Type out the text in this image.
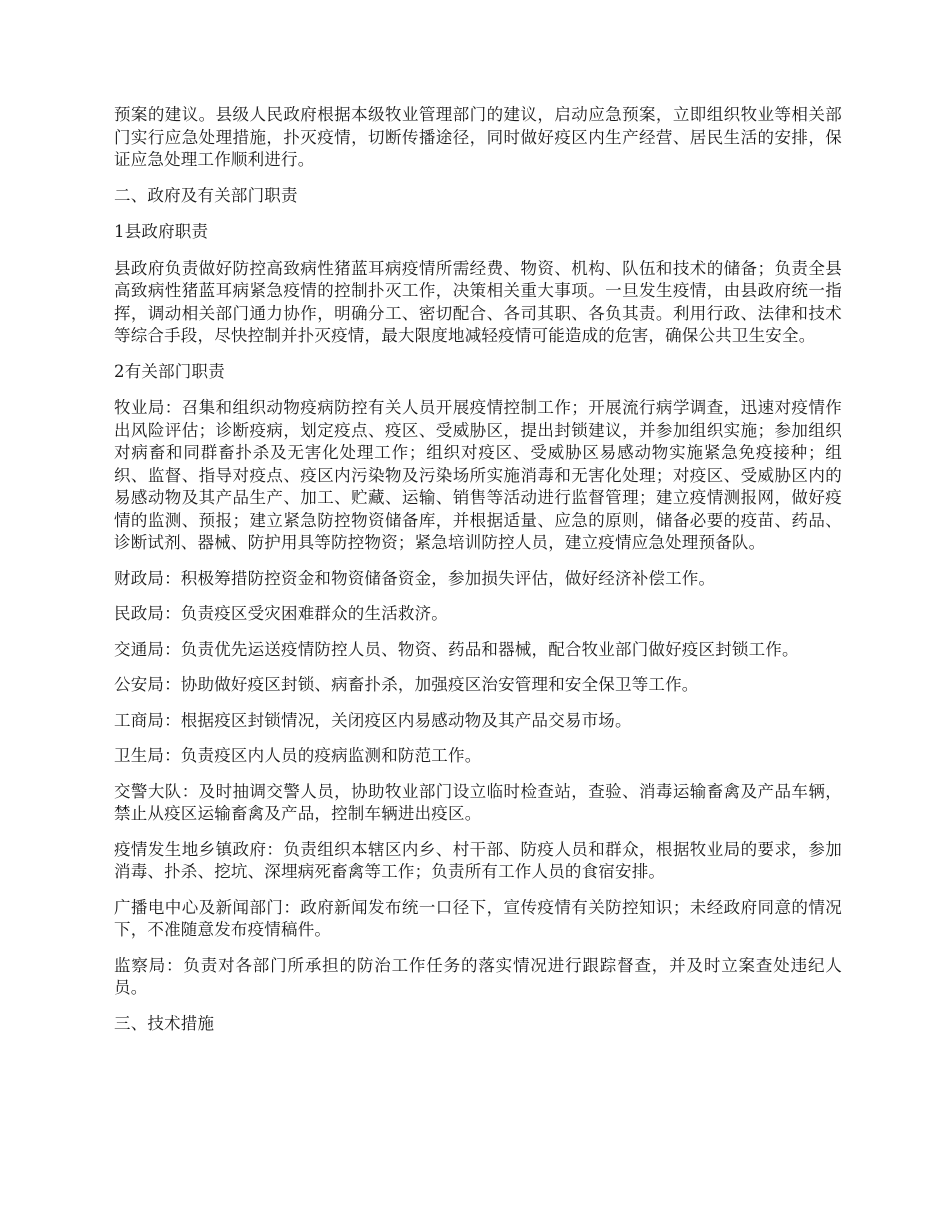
预案的建议。县级人民政府根据本级牧业管理部门的建议，启动应急预案，立即组织牧业等相关部门实行应急处理措施，扑灭疫情，切断传播途径，同时做好疫区内生产经营、居民生活的安排，保证应急处理工作顺利进行。

二、政府及有关部门职责

1县政府职责

县政府负责做好防控高致病性猪蓝耳病疫情所需经费、物资、机构、队伍和技术的储备；负责全县高致病性猪蓝耳病紧急疫情的控制扑灭工作，决策相关重大事项。一旦发生疫情，由县政府统一指挥，调动相关部门通力协作，明确分工、密切配合、各司其职、各负其责。利用行政、法律和技术等综合手段，尽快控制并扑灭疫情，最大限度地减轻疫情可能造成的危害，确保公共卫生安全。

2有关部门职责

牧业局：召集和组织动物疫病防控有关人员开展疫情控制工作；开展流行病学调查，迅速对疫情作出风险评估；诊断疫病，划定疫点、疫区、受威胁区，提出封锁建议，并参加组织实施；参加组织对病畜和同群畜扑杀及无害化处理工作；组织对疫区、受威胁区易感动物实施紧急免疫接种；组织、监督、指导对疫点、疫区内污染物及污染场所实施消毒和无害化处理；对疫区、受威胁区内的易感动物及其产品生产、加工、贮藏、运输、销售等活动进行监督管理；建立疫情测报网，做好疫情的监测、预报；建立紧急防控物资储备库，并根据适量、应急的原则，储备必要的疫苗、药品、诊断试剂、器械、防护用具等防控物资；紧急培训防控人员，建立疫情应急处理预备队。

财政局：积极筹措防控资金和物资储备资金，参加损失评估，做好经济补偿工作。

民政局：负责疫区受灾困难群众的生活救济。

交通局：负责优先运送疫情防控人员、物资、药品和器械，配合牧业部门做好疫区封锁工作。

公安局：协助做好疫区封锁、病畜扑杀，加强疫区治安管理和安全保卫等工作。

工商局：根据疫区封锁情况，关闭疫区内易感动物及其产品交易市场。

卫生局：负责疫区内人员的疫病监测和防范工作。

交警大队：及时抽调交警人员，协助牧业部门设立临时检查站，查验、消毒运输畜禽及产品车辆，禁止从疫区运输畜禽及产品，控制车辆进出疫区。

疫情发生地乡镇政府：负责组织本辖区内乡、村干部、防疫人员和群众，根据牧业局的要求，参加消毒、扑杀、挖坑、深埋病死畜禽等工作；负责所有工作人员的食宿安排。

广播电中心及新闻部门：政府新闻发布统一口径下，宣传疫情有关防控知识；未经政府同意的情况下，不准随意发布疫情稿件。

监察局：负责对各部门所承担的防治工作任务的落实情况进行跟踪督查，并及时立案查处违纪人员。

三、技术措施
